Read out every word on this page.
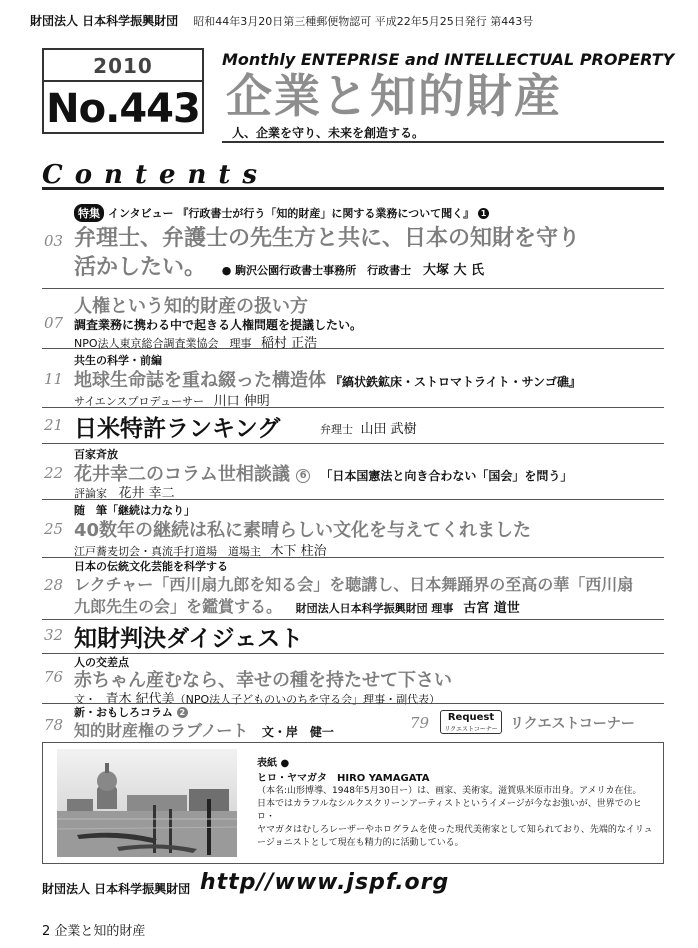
財団法人 日本科学振興財団 昭和44年3月20日第三種郵便物認可 平成22年5月25日発行 第443号
2010
No.443
Monthly ENTEPRISE and INTELLECTUAL PROPERTY
企業と知的財産
人、企業を守り、未来を創造する。
Contents
特集 インタビュー 『行政書士が行う「知的財産」に関する業務について聞く』 1
03 弁理士、弁護士の先生方と共に、日本の知財を守り
活かしたい。 ● 駒沢公園行政書士事務所　行政書士 大塚 大 氏
人権という知的財産の扱い方
07 調査業務に携わる中で起きる人権問題を提議したい。
NPO法人東京総合調査業協会　理事 稲村 正浩
共生の科学・前編
11 地球生命誌を重ね綴った構造体 『縞状鉄鉱床・ストロマトライト・サンゴ礁』
サイエンスプロデューサー 川口 伸明
21 日米特許ランキング	弁理士 山田 武樹
百家斉放
22 花井幸二のコラム世相談議 6 「日本国憲法と向き合わない「国会」を問う」
評論家 花井 幸二
随　筆「継続は力なり」
25 40数年の継続は私に素晴らしい文化を与えてくれました
江戸蕎麦切会・真流手打道場　道場主 木下 柱治
日本の伝統文化芸能を科学する
28 レクチャー「西川扇九郎を知る会」を聴講し、日本舞踊界の至高の華「西川扇
九郎先生の会」を鑑賞する。 財団法人日本科学振興財団 理事 古宮 道世
32 知財判決ダイジェスト
人の交差点
76 赤ちゃん産むなら、幸せの種を持たせて下さい
文・ 青木 紀代美（NPO法人子どものいのちを守る会」理事・副代表）
新・おもしろコラム 2
78 知的財産権のラブノート 文・岸　健一	79	Request
リクエストコーナー リクエストコーナー
表紙 ●
ヒロ・ヤマガタ　HIRO YAMAGATA
（本名:山形博導、1948年5月30日ー）は、画家、美術家。滋賀県米原市出身。アメリカ在住。
日本ではカラフルなシルクスクリーンアーティストというイメージが今なお強いが、世界でのヒロ・
ヤマガタはむしろレーザーやホログラムを使った現代美術家として知られており、先端的なイリュ
ージョニストとして現在も精力的に活動している。
財団法人 日本科学振興財団 http//www.jspf.org
2 企業と知的財産
